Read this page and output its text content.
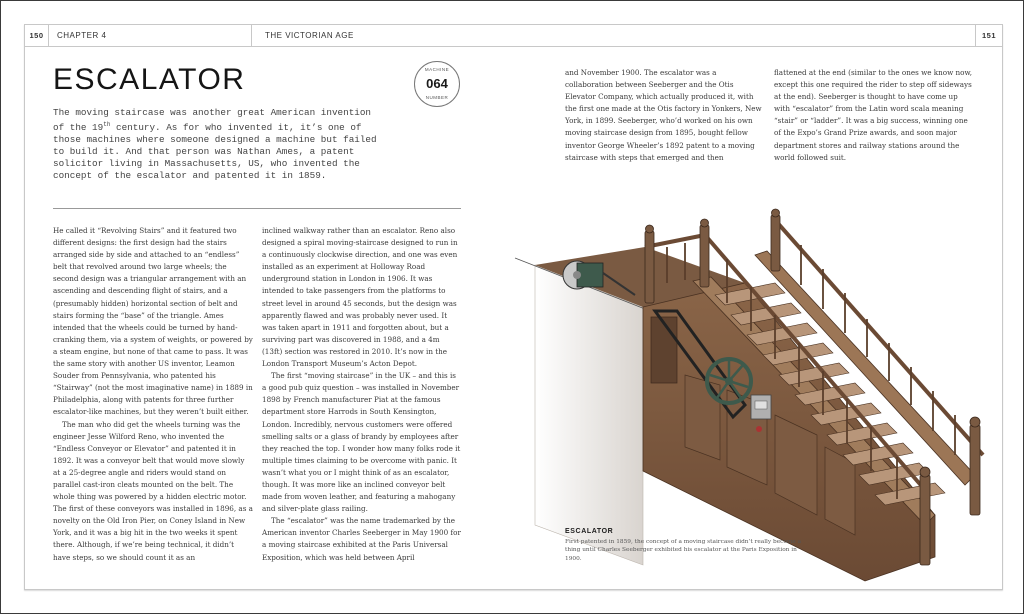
150	CHAPTER 4	THE VICTORIAN AGE	151
ESCALATOR	MACHINE
064
NUMBER

The moving staircase was another great American invention of the 19th century. As for who invented it, it’s one of those machines where someone designed a machine but failed to build it. And that person was Nathan Ames, a patent solicitor living in Massachusetts, US, who invented the concept of the escalator and patented it in 1859.

He called it “Revolving Stairs” and it featured two different designs: the first design had the stairs arranged side by side and attached to an “endless” belt that revolved around two large wheels; the second design was a triangular arrangement with an ascending and descending flight of stairs, and a (presumably hidden) horizontal section of belt and stairs forming the “base” of the triangle. Ames intended that the wheels could be turned by hand-cranking them, via a system of weights, or powered by a steam engine, but none of that came to pass. It was the same story with another US inventor, Leamon Souder from Pennsylvania, who patented his “Stairway” (not the most imaginative name) in 1889 in Philadelphia, along with patents for three further escalator-like machines, but they weren’t built either.

The man who did get the wheels turning was the engineer Jesse Wilford Reno, who invented the “Endless Conveyor or Elevator” and patented it in 1892. It was a conveyor belt that would move slowly at a 25-degree angle and riders would stand on parallel cast-iron cleats mounted on the belt. The whole thing was powered by a hidden electric motor. The first of these conveyors was installed in 1896, as a novelty on the Old Iron Pier, on Coney Island in New York, and it was a big hit in the two weeks it spent there. Although, if we’re being technical, it didn’t have steps, so we should count it as an

inclined walkway rather than an escalator. Reno also designed a spiral moving-staircase designed to run in a continuously clockwise direction, and one was even installed as an experiment at Holloway Road underground station in London in 1906. It was intended to take passengers from the platforms to street level in around 45 seconds, but the design was apparently flawed and was probably never used. It was taken apart in 1911 and forgotten about, but a surviving part was discovered in 1988, and a 4m (13ft) section was restored in 2010. It’s now in the London Transport Museum’s Acton Depot.

The first “moving staircase” in the UK – and this is a good pub quiz question – was installed in November 1898 by French manufacturer Piat at the famous department store Harrods in South Kensington, London. Incredibly, nervous customers were offered smelling salts or a glass of brandy by employees after they reached the top. I wonder how many folks rode it multiple times claiming to be overcome with panic. It wasn’t what you or I might think of as an escalator, though. It was more like an inclined conveyor belt made from woven leather, and featuring a mahogany and silver-plate glass railing.

The “escalator” was the name trademarked by the American inventor Charles Seeberger in May 1900 for a moving staircase exhibited at the Paris Universal Exposition, which was held between April

and November 1900. The escalator was a collaboration between Seeberger and the Otis Elevator Company, which actually produced it, with the first one made at the Otis factory in Yonkers, New York, in 1899. Seeberger, who’d worked on his own moving staircase design from 1895, bought fellow inventor George Wheeler’s 1892 patent to a moving staircase with steps that emerged and then

flattened at the end (similar to the ones we know now, except this one required the rider to step off sideways at the end). Seeberger is thought to have come up with “escalator” from the Latin word scala meaning “stair” or “ladder”. It was a big success, winning one of the Expo’s Grand Prize awards, and soon major department stores and railway stations around the world followed suit.

ESCALATOR
First patented in 1859, the concept of a moving staircase didn’t really become a thing until Charles Seeberger exhibited his escalator at the Paris Exposition in 1900.
